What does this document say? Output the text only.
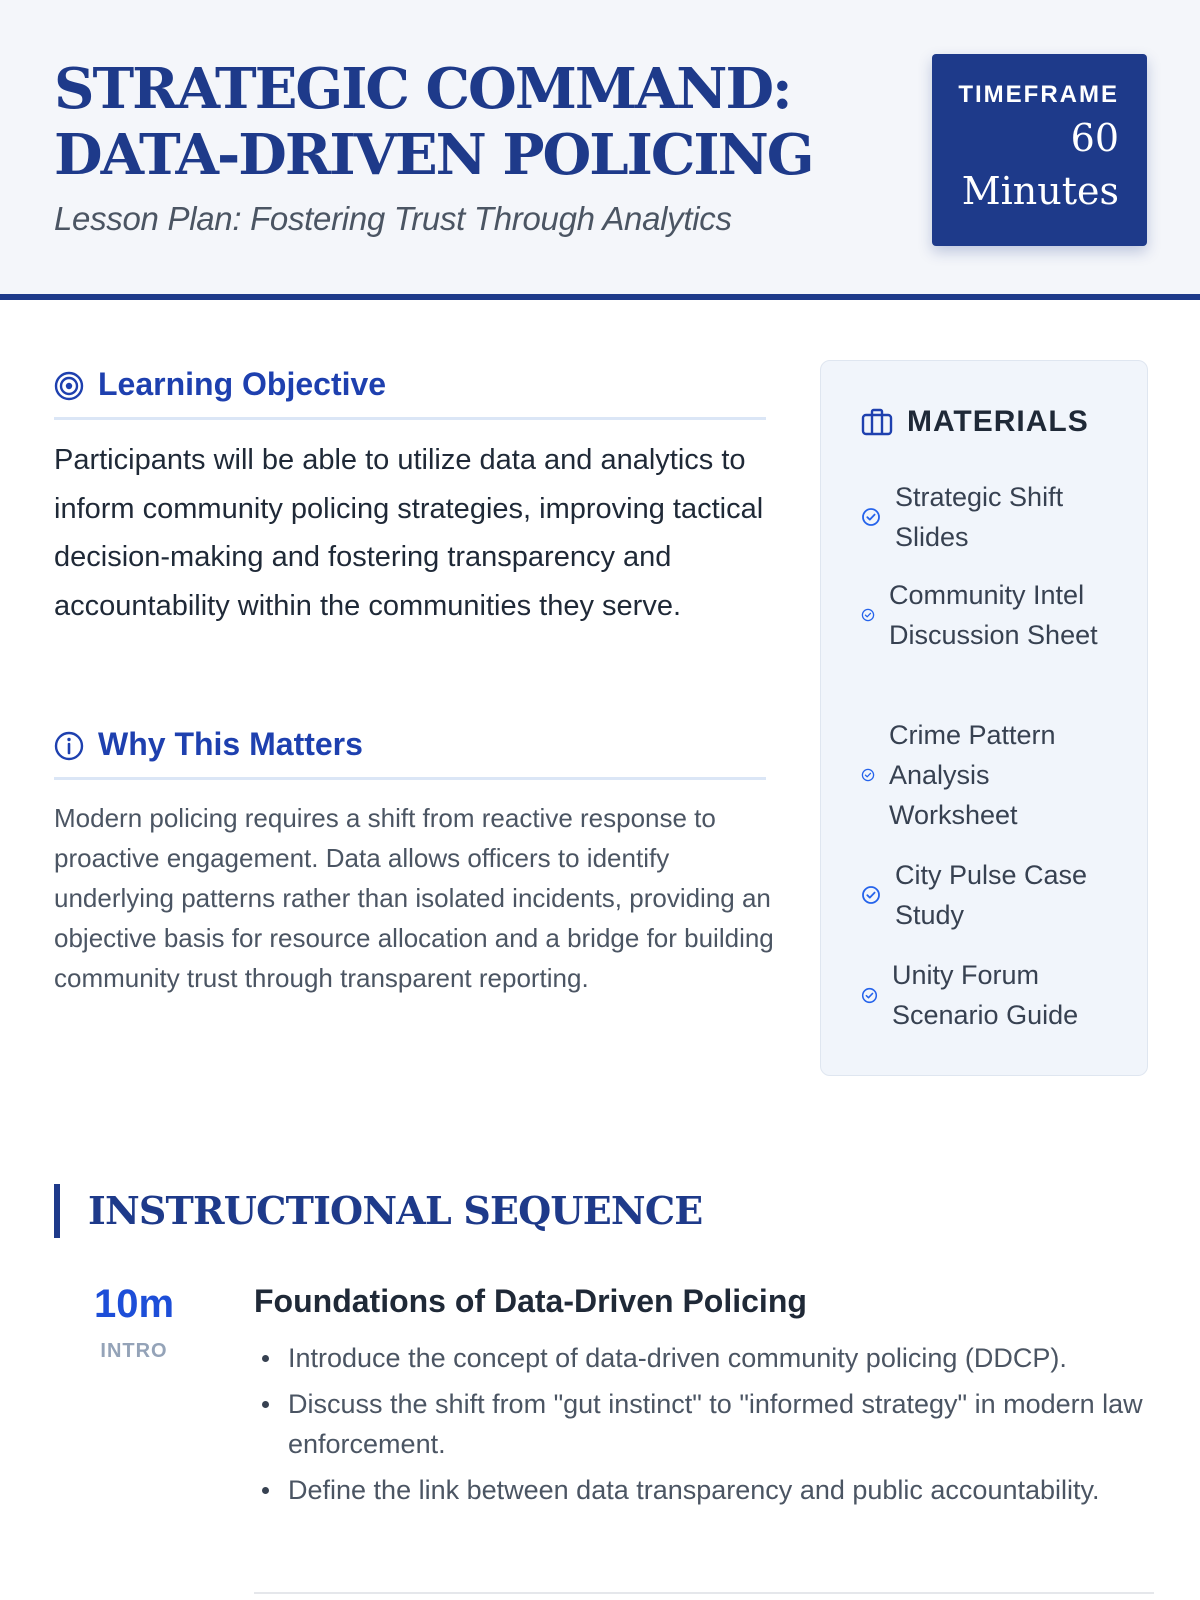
STRATEGIC COMMAND: DATA-DRIVEN POLICING
Lesson Plan: Fostering Trust Through Analytics
TIMEFRAME
60 Minutes
Learning Objective

Participants will be able to utilize data and analytics to inform community policing strategies, improving tactical decision-making and fostering transparency and accountability within the communities they serve.

Why This Matters

Modern policing requires a shift from reactive response to proactive engagement. Data allows officers to identify underlying patterns rather than isolated incidents, providing an objective basis for resource allocation and a bridge for building community trust through transparent reporting.

MATERIALS
Strategic Shift Slides
Community Intel Discussion Sheet
Crime Pattern Analysis Worksheet
City Pulse Case Study
Unity Forum Scenario Guide
INSTRUCTIONAL SEQUENCE
10m
INTRO
Foundations of Data-Driven Policing
Introduce the concept of data-driven community policing (DDCP).
Discuss the shift from "gut instinct" to "informed strategy" in modern law enforcement.
Define the link between data transparency and public accountability.
